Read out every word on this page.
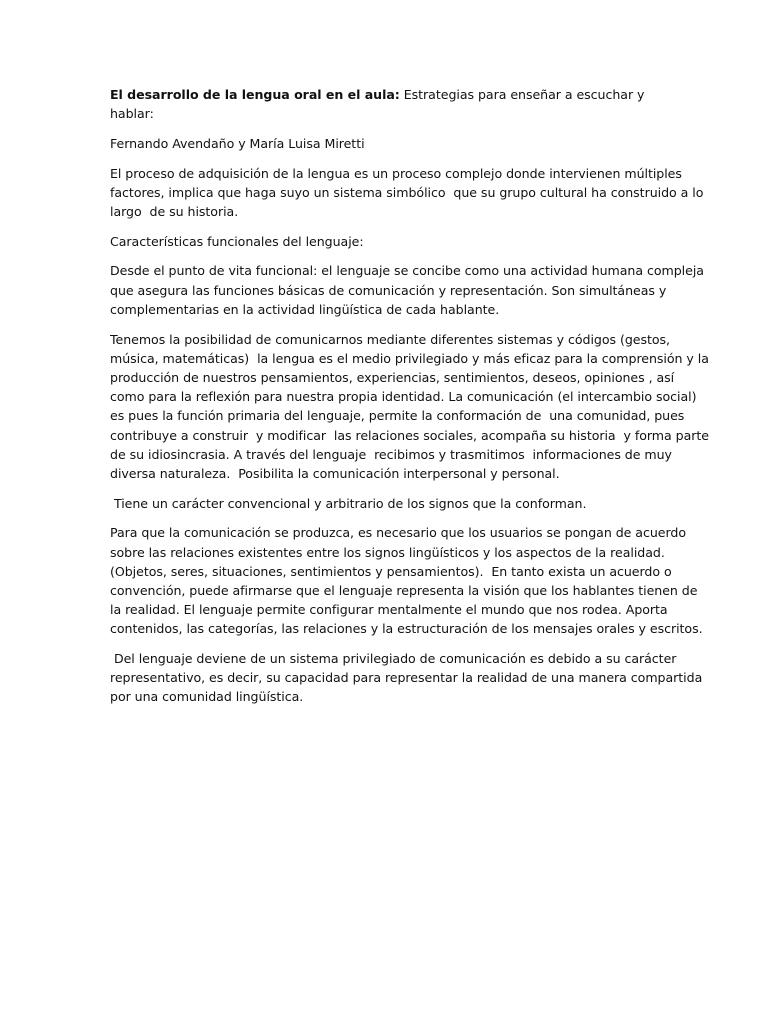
El desarrollo de la lengua oral en el aula: Estrategias para enseñar a escuchar y hablar:

Fernando Avendaño y María Luisa Miretti

El proceso de adquisición de la lengua es un proceso complejo donde intervienen múltiples
factores, implica que haga suyo un sistema simbólico  que su grupo cultural ha construido a lo
largo  de su historia.

Características funcionales del lenguaje:

Desde el punto de vita funcional: el lenguaje se concibe como una actividad humana compleja
que asegura las funciones básicas de comunicación y representación. Son simultáneas y
complementarias en la actividad lingüística de cada hablante.

Tenemos la posibilidad de comunicarnos mediante diferentes sistemas y códigos (gestos,
música, matemáticas)  la lengua es el medio privilegiado y más eficaz para la comprensión y la
producción de nuestros pensamientos, experiencias, sentimientos, deseos, opiniones , así
como para la reflexión para nuestra propia identidad. La comunicación (el intercambio social)
es pues la función primaria del lenguaje, permite la conformación de  una comunidad, pues
contribuye a construir  y modificar  las relaciones sociales, acompaña su historia  y forma parte
de su idiosincrasia. A través del lenguaje  recibimos y trasmitimos  informaciones de muy
diversa naturaleza.  Posibilita la comunicación interpersonal y personal.

Tiene un carácter convencional y arbitrario de los signos que la conforman.

Para que la comunicación se produzca, es necesario que los usuarios se pongan de acuerdo
sobre las relaciones existentes entre los signos lingüísticos y los aspectos de la realidad.
(Objetos, seres, situaciones, sentimientos y pensamientos).  En tanto exista un acuerdo o
convención, puede afirmarse que el lenguaje representa la visión que los hablantes tienen de
la realidad. El lenguaje permite configurar mentalmente el mundo que nos rodea. Aporta
contenidos, las categorías, las relaciones y la estructuración de los mensajes orales y escritos.

Del lenguaje deviene de un sistema privilegiado de comunicación es debido a su carácter
representativo, es decir, su capacidad para representar la realidad de una manera compartida
por una comunidad lingüística.
